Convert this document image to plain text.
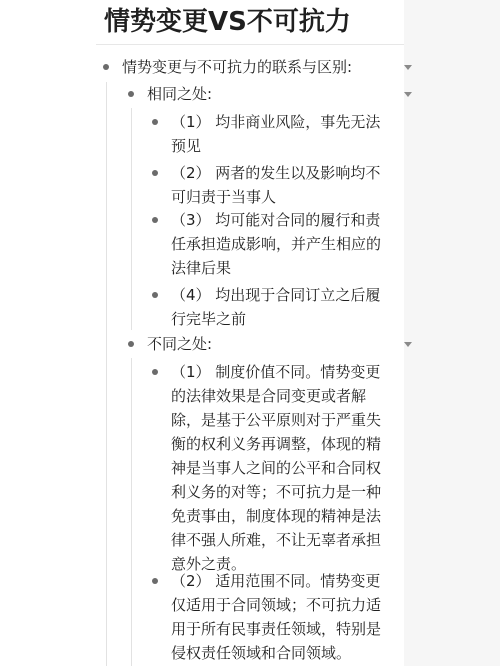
情势变更VS不可抗力
情势变更与不可抗力的联系与区别:
相同之处:
（1） 均非商业风险，事先无法
预见
（2） 两者的发生以及影响均不
可归责于当事人
（3） 均可能对合同的履行和责
任承担造成影响，并产生相应的
法律后果
（4） 均出现于合同订立之后履
行完毕之前
不同之处:
（1） 制度价值不同。情势变更
的法律效果是合同变更或者解
除，是基于公平原则对于严重失
衡的权利义务再调整，体现的精
神是当事人之间的公平和合同权
利义务的对等；不可抗力是一种
免责事由，制度体现的精神是法
律不强人所难，不让无辜者承担
意外之责。
（2） 适用范围不同。情势变更
仅适用于合同领域；不可抗力适
用于所有民事责任领域，特别是
侵权责任领域和合同领域。
